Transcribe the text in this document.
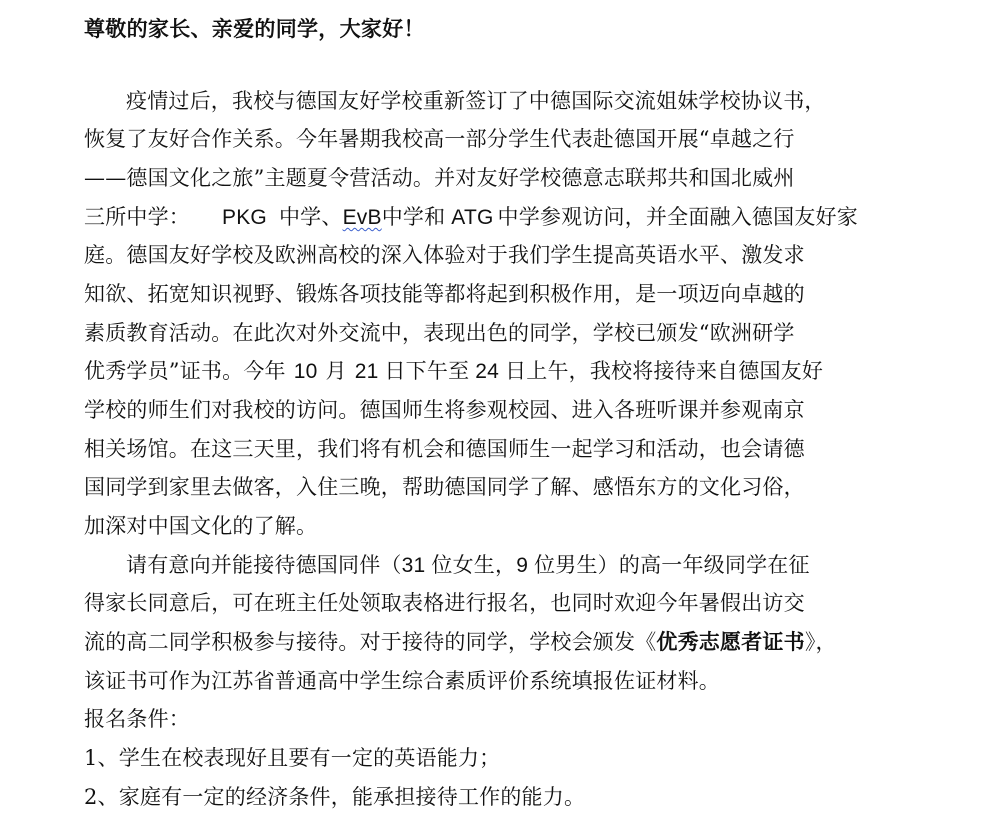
尊敬的家长、亲爱的同学，大家好！
疫情过后，我校与德国友好学校重新签订了中德国际交流姐妹学校协议书，
恢复了友好合作关系。今年暑期我校高一部分学生代表赴德国开展“卓越之行
——德国文化之旅”主题夏令营活动。并对友好学校德意志联邦共和国北威州
三所中学： PKG 中学、EvB中学和 ATG 中学参观访问，并全面融入德国友好家
庭。德国友好学校及欧洲高校的深入体验对于我们学生提高英语水平、激发求
知欲、拓宽知识视野、锻炼各项技能等都将起到积极作用，是一项迈向卓越的
素质教育活动。在此次对外交流中，表现出色的同学，学校已颁发“欧洲研学
优秀学员”证书。今年 10 月 21 日下午至 24 日上午，我校将接待来自德国友好
学校的师生们对我校的访问。德国师生将参观校园、进入各班听课并参观南京
相关场馆。在这三天里，我们将有机会和德国师生一起学习和活动，也会请德
国同学到家里去做客，入住三晚，帮助德国同学了解、感悟东方的文化习俗，
加深对中国文化的了解。
请有意向并能接待德国同伴（31 位女生，9 位男生）的高一年级同学在征
得家长同意后，可在班主任处领取表格进行报名，也同时欢迎今年暑假出访交
流的高二同学积极参与接待。对于接待的同学，学校会颁发《优秀志愿者证书》，
该证书可作为江苏省普通高中学生综合素质评价系统填报佐证材料。
报名条件：
1、学生在校表现好且要有一定的英语能力；
2、家庭有一定的经济条件，能承担接待工作的能力。
